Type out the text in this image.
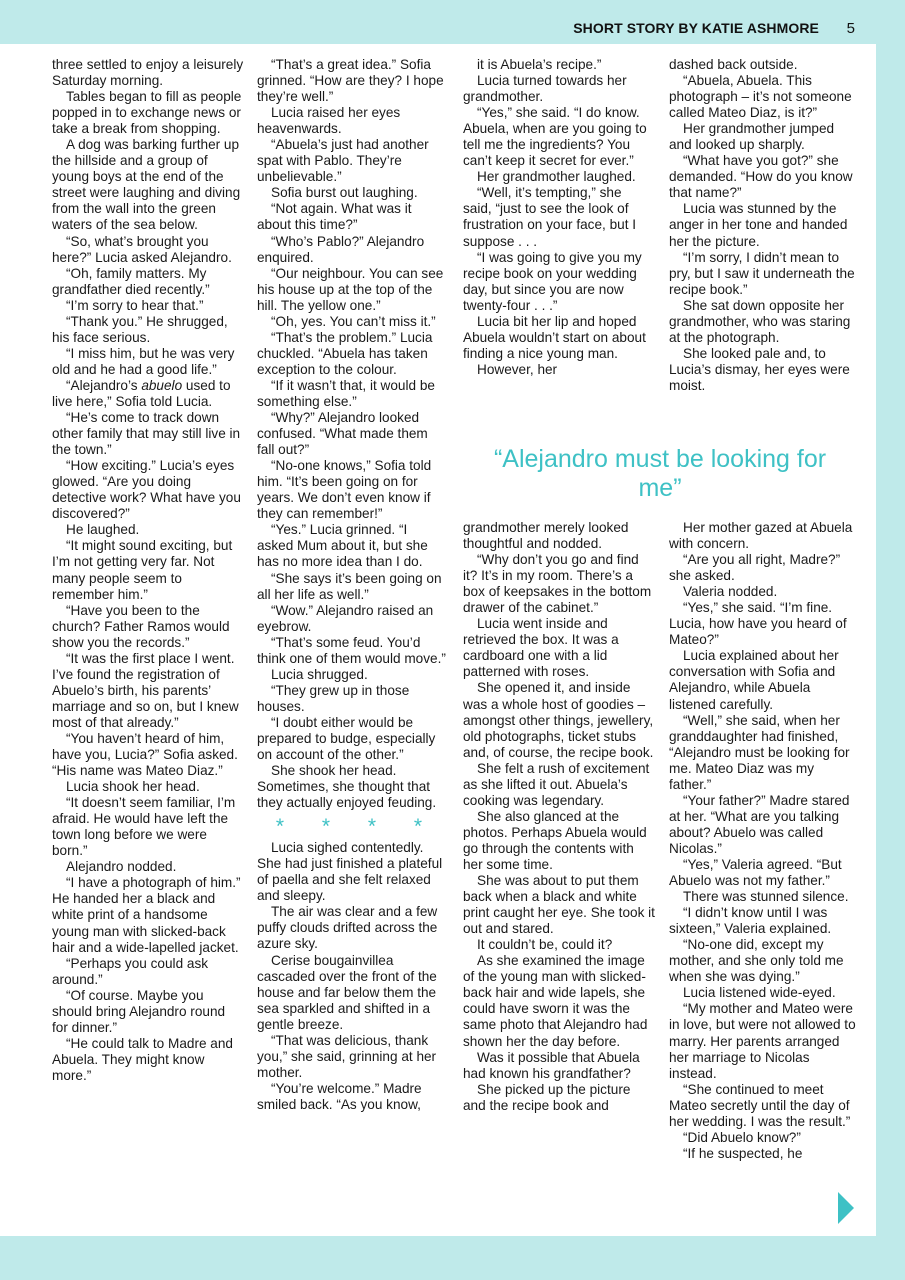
SHORT STORY BY KATIE ASHMORE 5

three settled to enjoy a leisurely Saturday morning.

Tables began to fill as people popped in to exchange news or take a break from shopping.

A dog was barking further up the hillside and a group of young boys at the end of the street were laughing and diving from the wall into the green waters of the sea below.

“So, what’s brought you here?” Lucia asked Alejandro.

“Oh, family matters. My grandfather died recently.”

“I’m sorry to hear that.”

“Thank you.” He shrugged, his face serious.

“I miss him, but he was very old and he had a good life.”

“Alejandro’s abuelo used to live here,” Sofia told Lucia.

“He’s come to track down other family that may still live in the town.”

“How exciting.” Lucia’s eyes glowed. “Are you doing detective work? What have you discovered?”

He laughed.

“It might sound exciting, but I’m not getting very far. Not many people seem to remember him.”

“Have you been to the church? Father Ramos would show you the records.”

“It was the first place I went. I’ve found the registration of Abuelo’s birth, his parents’ marriage and so on, but I knew most of that already.”

“You haven’t heard of him, have you, Lucia?” Sofia asked. “His name was Mateo Diaz.”

Lucia shook her head.

“It doesn’t seem familiar, I’m afraid. He would have left the town long before we were born.”

Alejandro nodded.

“I have a photograph of him.” He handed her a black and white print of a handsome young man with slicked-back hair and a wide-lapelled jacket.

“Perhaps you could ask around.”

“Of course. Maybe you should bring Alejandro round for dinner.”

“He could talk to Madre and Abuela. They might know more.”

“That’s a great idea.” Sofia grinned. “How are they? I hope they’re well.”

Lucia raised her eyes heavenwards.

“Abuela’s just had another spat with Pablo. They’re unbelievable.”

Sofia burst out laughing.

“Not again. What was it about this time?”

“Who’s Pablo?” Alejandro enquired.

“Our neighbour. You can see his house up at the top of the hill. The yellow one.”

“Oh, yes. You can’t miss it.”

“That’s the problem.” Lucia chuckled. “Abuela has taken exception to the colour.

“If it wasn’t that, it would be something else.”

“Why?” Alejandro looked confused. “What made them fall out?”

“No-one knows,” Sofia told him. “It’s been going on for years. We don’t even know if they can remember!”

“Yes.” Lucia grinned. “I asked Mum about it, but she has no more idea than I do.

“She says it’s been going on all her life as well.”

“Wow.” Alejandro raised an eyebrow.

“That’s some feud. You’d think one of them would move.”

Lucia shrugged.

“They grew up in those houses.

“I doubt either would be prepared to budge, especially on account of the other.”

She shook her head. Sometimes, she thought that they actually enjoyed feuding.

* * * *

Lucia sighed contentedly. She had just finished a plateful of paella and she felt relaxed and sleepy.

The air was clear and a few puffy clouds drifted across the azure sky.

Cerise bougainvillea cascaded over the front of the house and far below them the sea sparkled and shifted in a gentle breeze.

“That was delicious, thank you,” she said, grinning at her mother.

“You’re welcome.” Madre smiled back. “As you know,

it is Abuela’s recipe.”

Lucia turned towards her grandmother.

“Yes,” she said. “I do know. Abuela, when are you going to tell me the ingredients? You can’t keep it secret for ever.”

Her grandmother laughed.

“Well, it’s tempting,” she said, “just to see the look of frustration on your face, but I suppose . . .

“I was going to give you my recipe book on your wedding day, but since you are now twenty-four . . .”

Lucia bit her lip and hoped Abuela wouldn’t start on about finding a nice young man.

However, her

dashed back outside.

“Abuela, Abuela. This photograph – it’s not someone called Mateo Diaz, is it?”

Her grandmother jumped and looked up sharply.

“What have you got?” she demanded. “How do you know that name?”

Lucia was stunned by the anger in her tone and handed her the picture.

“I’m sorry, I didn’t mean to pry, but I saw it underneath the recipe book.”

She sat down opposite her grandmother, who was staring at the photograph.

She looked pale and, to Lucia’s dismay, her eyes were moist.

“Alejandro must be looking for me”

grandmother merely looked thoughtful and nodded.

“Why don’t you go and find it? It’s in my room. There’s a box of keepsakes in the bottom drawer of the cabinet.”

Lucia went inside and retrieved the box. It was a cardboard one with a lid patterned with roses.

She opened it, and inside was a whole host of goodies – amongst other things, jewellery, old photographs, ticket stubs and, of course, the recipe book.

She felt a rush of excitement as she lifted it out. Abuela’s cooking was legendary.

She also glanced at the photos. Perhaps Abuela would go through the contents with her some time.

She was about to put them back when a black and white print caught her eye. She took it out and stared.

It couldn’t be, could it?

As she examined the image of the young man with slicked-back hair and wide lapels, she could have sworn it was the same photo that Alejandro had shown her the day before.

Was it possible that Abuela had known his grandfather?

She picked up the picture and the recipe book and

Her mother gazed at Abuela with concern.

“Are you all right, Madre?” she asked.

Valeria nodded.

“Yes,” she said. “I’m fine. Lucia, how have you heard of Mateo?”

Lucia explained about her conversation with Sofia and Alejandro, while Abuela listened carefully.

“Well,” she said, when her granddaughter had finished, “Alejandro must be looking for me. Mateo Diaz was my father.”

“Your father?” Madre stared at her. “What are you talking about? Abuelo was called Nicolas.”

“Yes,” Valeria agreed. “But Abuelo was not my father.”

There was stunned silence.

“I didn’t know until I was sixteen,” Valeria explained.

“No-one did, except my mother, and she only told me when she was dying.”

Lucia listened wide-eyed.

“My mother and Mateo were in love, but were not allowed to marry. Her parents arranged her marriage to Nicolas instead.

“She continued to meet Mateo secretly until the day of her wedding. I was the result.”

“Did Abuelo know?”

“If he suspected, he
